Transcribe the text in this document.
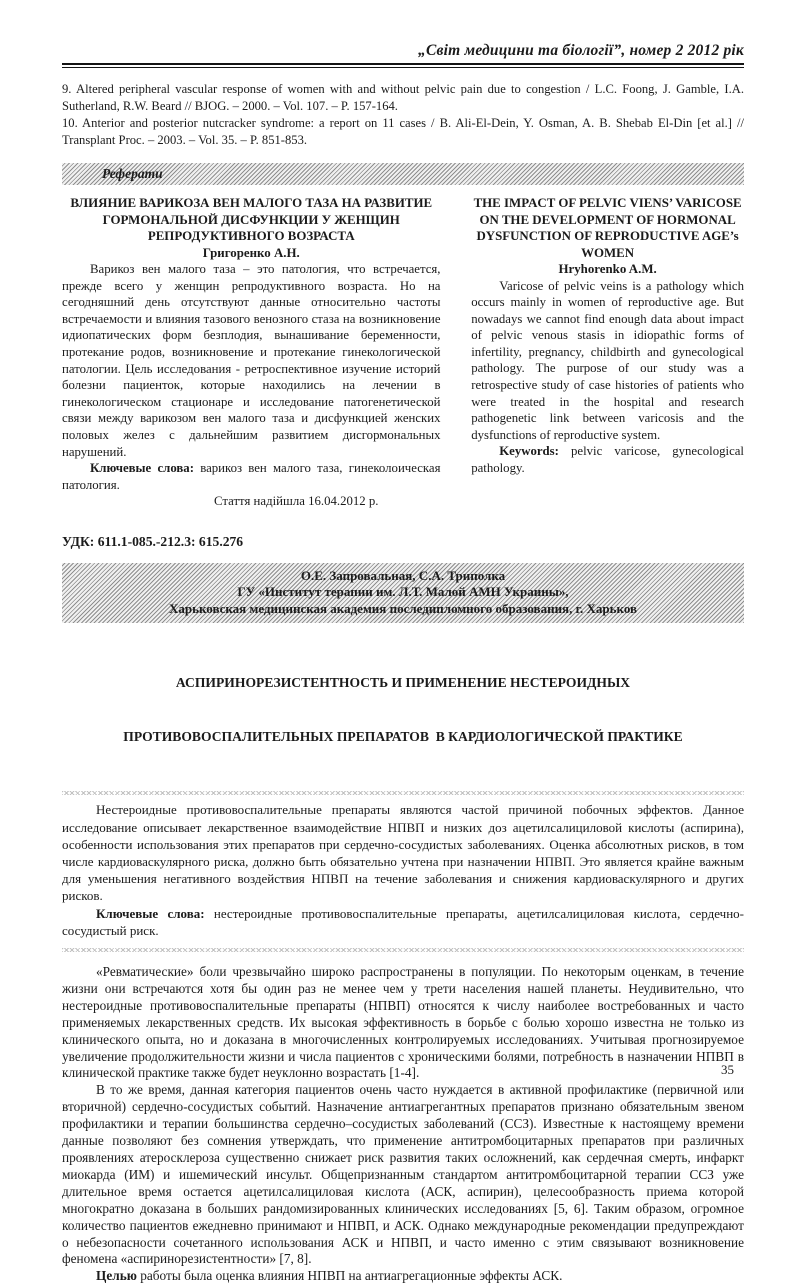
„Світ медицини та біології”, номер 2 2012 рік

9. Altered peripheral vascular response of women with and without pelvic pain due to congestion / L.C. Foong, J. Gamble, I.A. Sutherland, R.W. Beard // BJOG. – 2000. – Vol. 107. – P. 157-164.

10. Anterior and posterior nutcracker syndrome: a report on 11 cases / B. Ali-El-Dein, Y. Osman, A. B. Shebab El-Din [et al.] // Transplant Proc. – 2003. – Vol. 35. – P. 851-853.

Реферати

ВЛИЯНИЕ ВАРИКОЗА ВЕН МАЛОГО ТАЗА НА РАЗВИТИЕ ГОРМОНАЛЬНОЙ ДИСФУНКЦИИ У ЖЕНЩИН РЕПРОДУКТИВНОГО ВОЗРАСТА

Григоренко А.Н.

Варикоз вен малого таза – это патология, что встречается, прежде всего у женщин репродуктивного возраста. Но на сегодняшний день отсутствуют данные относительно частоты встречаемости и влияния тазового венозного стаза на возникновение идиопатических форм безплодия, вынашивание беременности, протекание родов, возникновение и протекание гинекологической патологии. Цель исследования - ретроспективное изучение историй болезни пациенток, которые находились на лечении в гинекологическом стационаре и исследование патогенетической связи между варикозом вен малого таза и дисфункцией женских половых желез с дальнейшим развитием дисгормональных нарушений.

Ключевые слова: варикоз вен малого таза, гинеколоическая патология.

Стаття надійшла 16.04.2012 р.

THE IMPACT OF PELVIC VIENS’ VARICOSE ON THE DEVELOPMENT OF HORMONAL DYSFUNCTION OF REPRODUCTIVE AGE’s WOMEN

Hryhorenko A.M.

Varicose of pelvic veins is a pathology which occurs mainly in women of reproductive age. But nowadays we cannot find enough data about impact of pelvic venous stasis in idiopathic forms of infertility, pregnancy, childbirth and gynecological pathology. The purpose of our study was a retrospective study of case histories of patients who were treated in the hospital and research pathogenetic link between varicosis and the dysfunctions of reproductive system.

Keywords: pelvic varicose, gynecological pathology.

УДК: 611.1-085.-212.3: 615.276
О.Е. Запровальная, С.А. Триполка
ГУ «Институт терапии им. Л.Т. Малой АМН Украины»,
Харьковская медицинская академия последипломного образования, г. Харьков

АСПИРИНОРЕЗИСТЕНТНОСТЬ И ПРИМЕНЕНИЕ НЕСТЕРОИДНЫХ

ПРОТИВОВОСПАЛИТЕЛЬНЫХ ПРЕПАРАТОВ  В КАРДИОЛОГИЧЕСКОЙ ПРАКТИКЕ

Нестероидные противовоспалительные препараты являются частой причиной побочных эффектов. Данное исследование описывает лекарственное взаимодействие НПВП и низких доз ацетилсалициловой кислоты (аспирина), особенности использования этих препаратов при сердечно-сосудистых заболеваниях. Оценка абсолютных рисков, в том числе кардиоваскулярного риска, должно быть обязательно учтена при назначении НПВП. Это является крайне важным для уменьшения негативного воздействия НПВП на течение заболевания и снижения кардиоваскулярного и других рисков.

Ключевые слова: нестероидные противовоспалительные препараты, ацетилсалициловая кислота, сердечно-сосудистый риск.

«Ревматические» боли чрезвычайно широко распространены в популяции. По некоторым оценкам, в течение жизни они встречаются хотя бы один раз не менее чем у трети населения нашей планеты. Неудивительно, что нестероидные противовоспалительные препараты (НПВП) относятся к числу наиболее востребованных и часто применяемых лекарственных средств. Их высокая эффективность в борьбе с болью хорошо известна не только из клинического опыта, но и доказана в многочисленных контролируемых исследованиях. Учитывая прогнозируемое увеличение продолжительности жизни и числа пациентов с хроническими болями, потребность в назначении НПВП в клинической практике также будет неуклонно возрастать [1-4].

В то же время, данная категория пациентов очень часто нуждается в активной профилактике (первичной или вторичной) сердечно-сосудистых событий. Назначение антиагрегантных препаратов признано обязательным звеном профилактики и терапии большинства сердечно–сосудистых заболеваний (ССЗ). Известные к настоящему времени данные позволяют без сомнения утверждать, что применение антитромбоцитарных препаратов при различных проявлениях атеросклероза существенно снижает риск развития таких осложнений, как сердечная смерть, инфаркт миокарда (ИМ) и ишемический инсульт. Общепризнанным стандартом антитромбоцитарной терапии ССЗ уже длительное время остается ацетилсалициловая кислота (АСК, аспирин), целесообразность приема которой многократно доказана в больших рандомизированных клинических исследованиях [5, 6]. Таким образом, огромное количество пациентов ежедневно принимают и НПВП, и АСК. Однако международные рекомендации предупреждают о небезопасности сочетанного использования АСК и НПВП, и часто именно с этим связывают возникновение феномена «аспиринорезистентности» [7, 8].

Целью работы была оценка влияния НПВП на антиагрегационные эффекты АСК.

35
